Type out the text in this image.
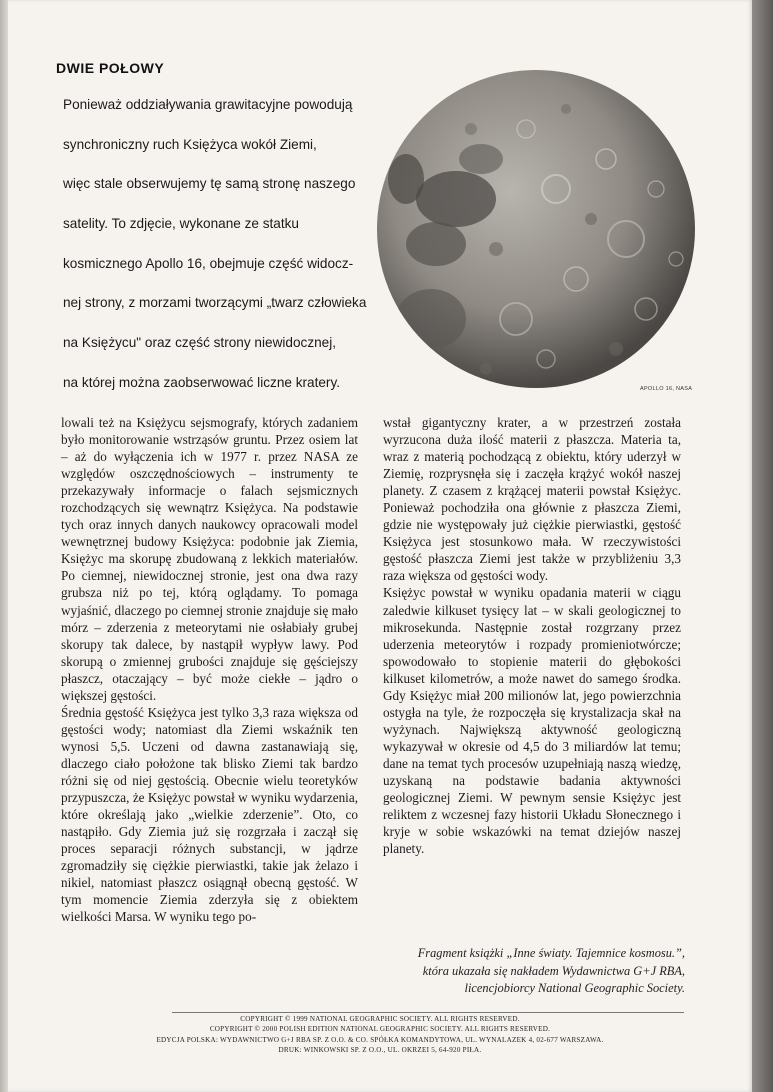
DWIE POŁOWY
Ponieważ oddziaływania grawitacyjne powodują
synchroniczny ruch Księżyca wokół Ziemi,
więc stale obserwujemy tę samą stronę naszego
satelity. To zdjęcie, wykonane ze statku
kosmicznego Apollo 16, obejmuje część widocz-
nej strony, z morzami tworzącymi „twarz człowieka
na Księżycu" oraz część strony niewidocznej,
na której można zaobserwować liczne kratery.	APOLLO 16, NASA

lowali też na Księżycu sejsmografy, których zadaniem było monitorowanie wstrząsów gruntu. Przez osiem lat – aż do wyłączenia ich w 1977 r. przez NASA ze względów oszczędnościowych – instrumenty te przekazywały informacje o falach sejsmicznych rozchodzących się wewnątrz Księżyca. Na podstawie tych oraz innych danych naukowcy opracowali model wewnętrznej budowy Księżyca: podobnie jak Ziemia, Księżyc ma skorupę zbudowaną z lekkich materiałów. Po ciemnej, niewidocznej stronie, jest ona dwa razy grubsza niż po tej, którą oglądamy. To pomaga wyjaśnić, dlaczego po ciemnej stronie znajduje się mało mórz – zderzenia z meteorytami nie osłabiały grubej skorupy tak dalece, by nastąpił wypływ lawy. Pod skorupą o zmiennej grubości znajduje się gęściejszy płaszcz, otaczający – być może ciekłe – jądro o większej gęstości.

Średnia gęstość Księżyca jest tylko 3,3 raza większa od gęstości wody; natomiast dla Ziemi wskaźnik ten wynosi 5,5. Uczeni od dawna zastanawiają się, dlaczego ciało położone tak blisko Ziemi tak bardzo różni się od niej gęstością. Obecnie wielu teoretyków przypuszcza, że Księżyc powstał w wyniku wydarzenia, które określają jako „wielkie zderzenie”. Oto, co nastąpiło. Gdy Ziemia już się rozgrzała i zaczął się proces separacji różnych substancji, w jądrze zgromadziły się ciężkie pierwiastki, takie jak żelazo i nikiel, natomiast płaszcz osiągnął obecną gęstość. W tym momencie Ziemia zderzyła się z obiektem wielkości Marsa. W wyniku tego po-

wstał gigantyczny krater, a w przestrzeń została wyrzucona duża ilość materii z płaszcza. Materia ta, wraz z materią pochodzącą z obiektu, który uderzył w Ziemię, rozprysnęła się i zaczęła krążyć wokół naszej planety. Z czasem z krążącej materii powstał Księżyc. Ponieważ pochodziła ona głównie z płaszcza Ziemi, gdzie nie występowały już ciężkie pierwiastki, gęstość Księżyca jest stosunkowo mała. W rzeczywistości gęstość płaszcza Ziemi jest także w przybliżeniu 3,3 raza większa od gęstości wody.

Księżyc powstał w wyniku opadania materii w ciągu zaledwie kilkuset tysięcy lat – w skali geologicznej to mikrosekunda. Następnie został rozgrzany przez uderzenia meteorytów i rozpady promieniotwórcze; spowodowało to stopienie materii do głębokości kilkuset kilometrów, a może nawet do samego środka. Gdy Księżyc miał 200 milionów lat, jego powierzchnia ostygła na tyle, że rozpoczęła się krystalizacja skał na wyżynach. Największą aktywność geologiczną wykazywał w okresie od 4,5 do 3 miliardów lat temu; dane na temat tych procesów uzupełniają naszą wiedzę, uzyskaną na podstawie badania aktywności geologicznej Ziemi. W pewnym sensie Księżyc jest reliktem z wczesnej fazy historii Układu Słonecznego i kryje w sobie wskazówki na temat dziejów naszej planety.

Fragment książki „Inne światy. Tajemnice kosmosu.”,
która ukazała się nakładem Wydawnictwa G+J RBA,
licencjobiorcy National Geographic Society.
COPYRIGHT © 1999 NATIONAL GEOGRAPHIC SOCIETY. ALL RIGHTS RESERVED.
COPYRIGHT © 2000 POLISH EDITION NATIONAL GEOGRAPHIC SOCIETY. ALL RIGHTS RESERVED.
EDYCJA POLSKA: WYDAWNICTWO G+J RBA SP. Z O.O. & CO. SPÓŁKA KOMANDYTOWA, UL. WYNALAZEK 4, 02-677 WARSZAWA.
DRUK: WINKOWSKI SP. Z O.O., UL. OKRZEI 5, 64-920 PIŁA.
